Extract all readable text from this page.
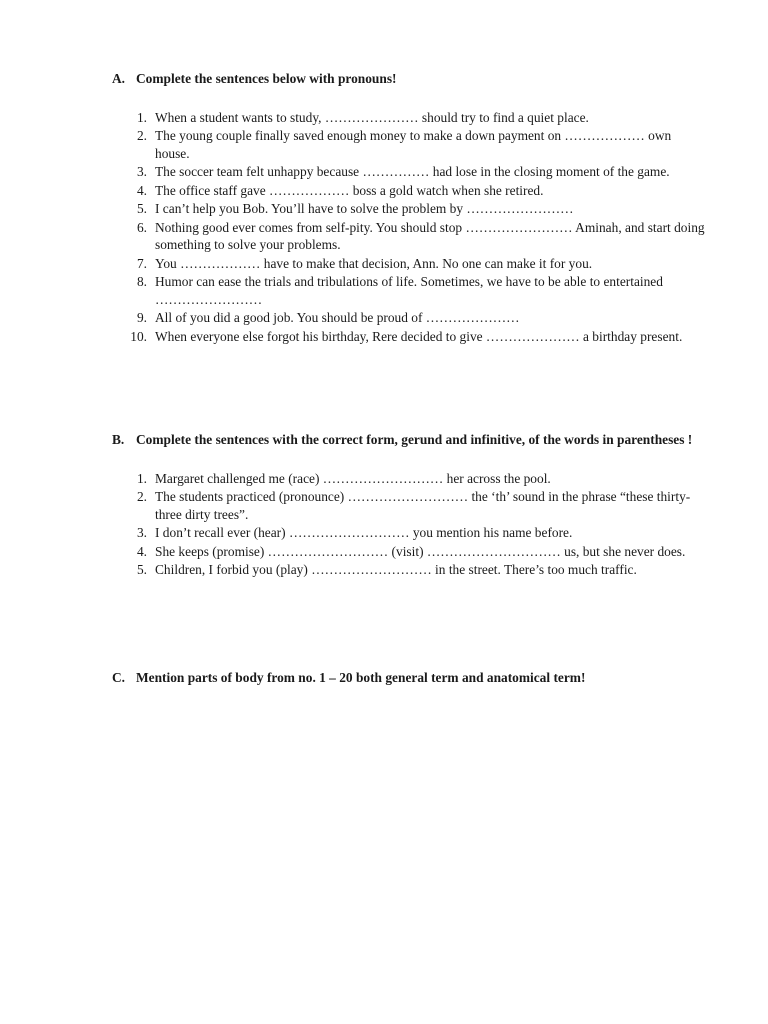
A. Complete the sentences below with pronouns!
1. When a student wants to study, ………………… should try to find a quiet place.
2. The young couple finally saved enough money to make a down payment on ……………… own house.
3. The soccer team felt unhappy because …………… had lose in the closing moment of the game.
4. The office staff gave ……………… boss a gold watch when she retired.
5. I can’t help you Bob. You’ll have to solve the problem by ……………………
6. Nothing good ever comes from self-pity. You should stop …………………… Aminah, and start doing something to solve your problems.
7. You ……………… have to make that decision, Ann. No one can make it for you.
8. Humor can ease the trials and tribulations of life. Sometimes, we have to be able to entertained ……………………
9. All of you did a good job. You should be proud of …………………
10. When everyone else forgot his birthday, Rere decided to give ………………… a birthday present.
B. Complete the sentences with the correct form, gerund and infinitive, of the words in parentheses !
1. Margaret challenged me (race) ……………………… her across the pool.
2. The students practiced (pronounce) ……………………… the ‘th’ sound in the phrase “these thirty-three dirty trees”.
3. I don’t recall ever (hear) ……………………… you mention his name before.
4. She keeps (promise) ……………………… (visit) ………………………… us, but she never does.
5. Children, I forbid you (play) ……………………… in the street. There’s too much traffic.
C. Mention parts of body from no. 1 – 20 both general term and anatomical term!
